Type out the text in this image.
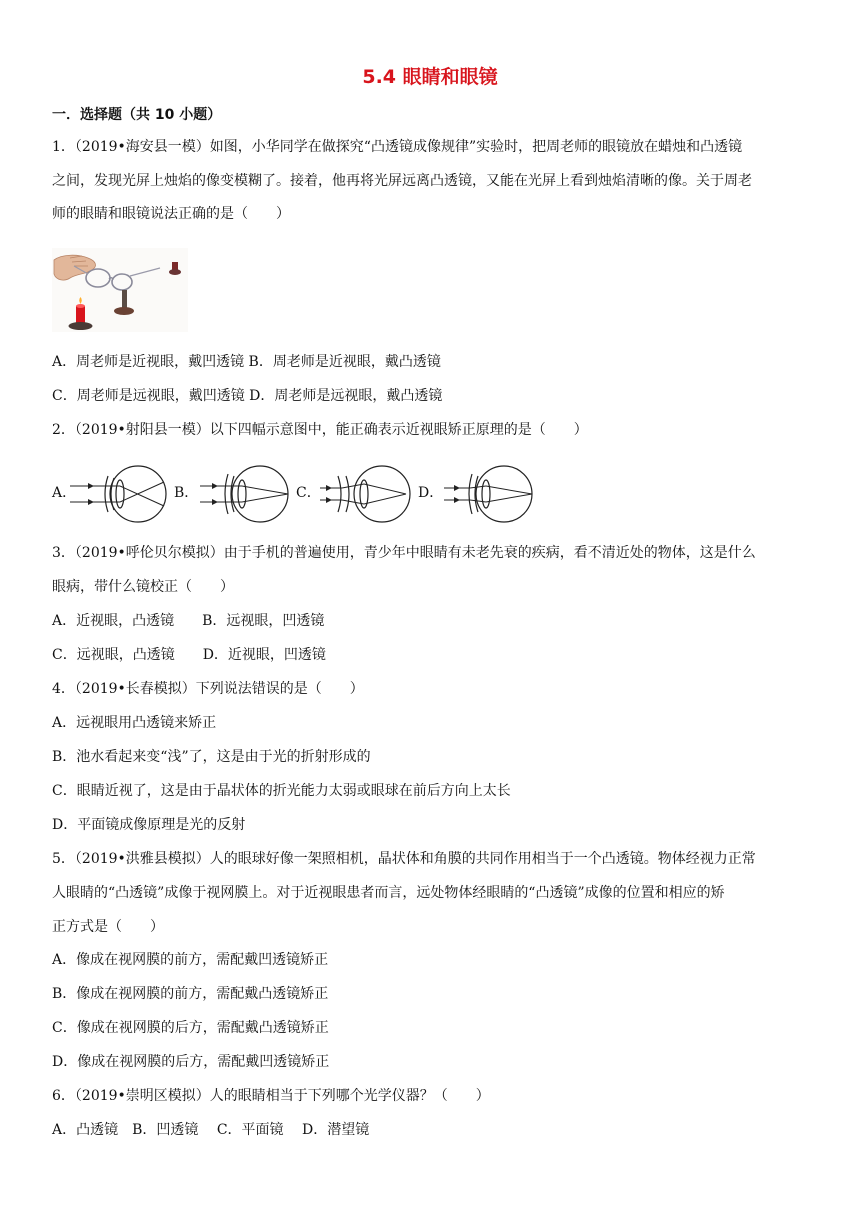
5.4 眼睛和眼镜
一．选择题（共 10 小题）
1．（2019•海安县一模）如图，小华同学在做探究“凸透镜成像规律”实验时，把周老师的眼镜放在蜡烛和凸透镜
之间，发现光屏上烛焰的像变模糊了。接着，他再将光屏远离凸透镜，又能在光屏上看到烛焰清晰的像。关于周老
师的眼睛和眼镜说法正确的是（　　）
A．周老师是近视眼，戴凹透镜 B．周老师是近视眼，戴凸透镜
C．周老师是远视眼，戴凹透镜 D．周老师是远视眼，戴凸透镜
2．（2019•射阳县一模）以下四幅示意图中，能正确表示近视眼矫正原理的是（　　）
A．	B．	C．	D．
3．（2019•呼伦贝尔模拟）由于手机的普遍使用，青少年中眼睛有未老先衰的疾病，看不清近处的物体，这是什么
眼病，带什么镜校正（　　）
A．近视眼，凸透镜　　B．远视眼，凹透镜
C．远视眼，凸透镜　　D．近视眼，凹透镜
4．（2019•长春模拟）下列说法错误的是（　　）
A．远视眼用凸透镜来矫正
B．池水看起来变“浅”了，这是由于光的折射形成的
C．眼睛近视了，这是由于晶状体的折光能力太弱或眼球在前后方向上太长
D．平面镜成像原理是光的反射
5．（2019•洪雅县模拟）人的眼球好像一架照相机，晶状体和角膜的共同作用相当于一个凸透镜。物体经视力正常
人眼睛的“凸透镜”成像于视网膜上。对于近视眼患者而言，远处物体经眼睛的“凸透镜”成像的位置和相应的矫
正方式是（　　）
A．像成在视网膜的前方，需配戴凹透镜矫正
B．像成在视网膜的前方，需配戴凸透镜矫正
C．像成在视网膜的后方，需配戴凸透镜矫正
D．像成在视网膜的后方，需配戴凹透镜矫正
6．（2019•崇明区模拟）人的眼睛相当于下列哪个光学仪器？（　　）
A．凸透镜　B．凹透镜　 C．平面镜　 D．潜望镜
